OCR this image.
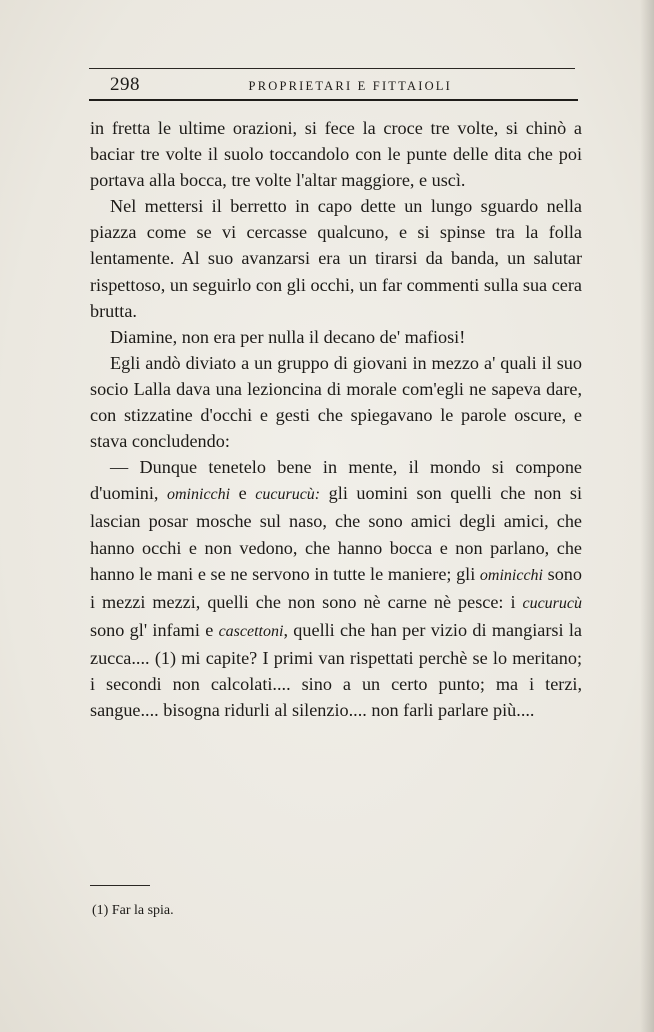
298	PROPRIETARI E FITTAIOLI

in fretta le ultime orazioni, si fece la croce tre volte, si chinò a baciar tre volte il suolo toccandolo con le punte delle dita che poi portava alla bocca, tre volte l'altar maggiore, e uscì.

Nel mettersi il berretto in capo dette un lungo sguardo nella piazza come se vi cercasse qualcuno, e si spinse tra la folla lentamente. Al suo avanzarsi era un tirarsi da banda, un salutar rispettoso, un seguirlo con gli occhi, un far commenti sulla sua cera brutta.

Diamine, non era per nulla il decano de' mafiosi!

Egli andò diviato a un gruppo di giovani in mezzo a' quali il suo socio Lalla dava una lezioncina di morale com'egli ne sapeva dare, con stizzatine d'occhi e gesti che spiegavano le parole oscure, e stava concludendo:

— Dunque tenetelo bene in mente, il mondo si compone d'uomini, ominicchi e cucurucù: gli uomini son quelli che non si lascian posar mosche sul naso, che sono amici degli amici, che hanno occhi e non vedono, che hanno bocca e non parlano, che hanno le mani e se ne servono in tutte le maniere; gli ominicchi sono i mezzi mezzi, quelli che non sono nè carne nè pesce: i cucurucù sono gl' infami e cascettoni, quelli che han per vizio di mangiarsi la zucca.... (1) mi capite? I primi van rispettati perchè se lo meritano; i secondi non calcolati.... sino a un certo punto; ma i terzi, sangue.... bisogna ridurli al silenzio.... non farli parlare più....

(1) Far la spia.
